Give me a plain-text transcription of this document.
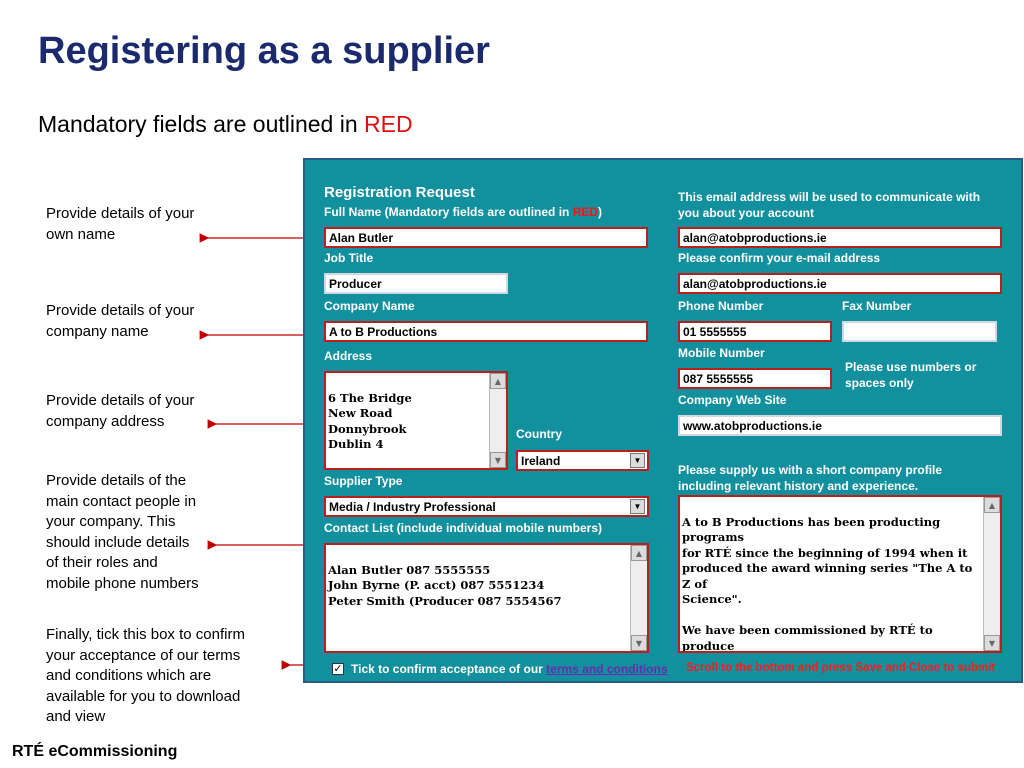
Registering as a supplier
Mandatory fields are outlined in RED
Provide details of your
own name
Provide details of your
company name
Provide details of your
company address
Provide details of the
main contact people in
your company. This
should include details
of their roles and
mobile phone numbers
Finally, tick this box to confirm
your acceptance of our terms
and conditions which are
available for you to download
and view
Registration Request
Full Name (Mandatory fields are outlined in RED)
Alan Butler
Job Title
Producer
Company Name
A to B Productions
Address

6 The Bridge
New Road
Donnybrook
Dublin 4

▲
▼

Country
Ireland	▼
Supplier Type
Media / Industry Professional	▼
Contact List (include individual mobile numbers)

Alan Butler 087 5555555
John Byrne (P. acct) 087 5551234
Peter Smith (Producer 087 5554567

▲
▼

This email address will be used to communicate with
you about your account
alan@atobproductions.ie
Please confirm your e-mail address
alan@atobproductions.ie
Phone Number
01 5555555
Fax Number
Mobile Number
087 5555555
Please use numbers or
spaces only
Company Web Site
www.atobproductions.ie
Please supply us with a short company profile
including relevant history and experience.

A to B Productions has been producting programs
for RTÉ since the beginning of 1994 when it
produced the award winning series "The A to Z of
Science".

We have been commissioned by RTÉ to produce

▲
▼

✓ Tick to confirm acceptance of our terms and conditions Scroll to the bottom and press Save and Close to submit
RTÉ eCommissioning
